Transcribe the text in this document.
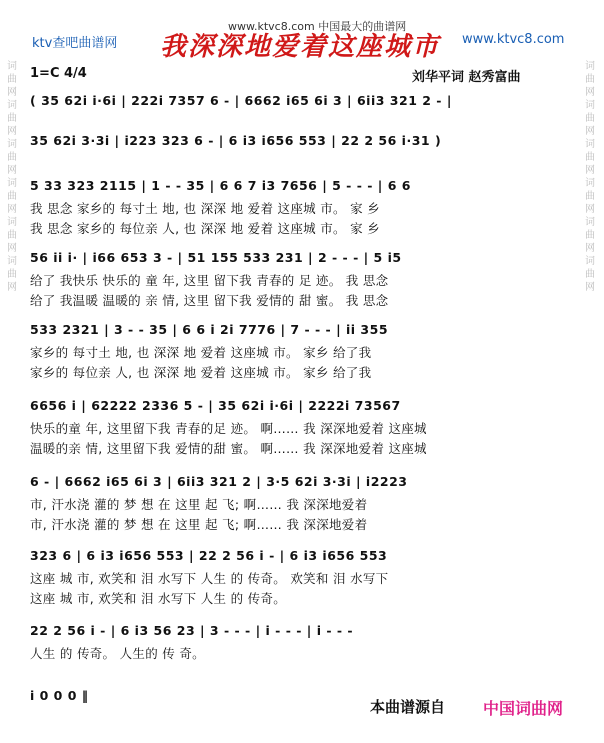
ktv查吧曲谱网
www.ktvc8.com 中国最大的曲谱网
我深深地爱着这座城市 www.ktvc8.com
1=C 4/4	刘华平词 赵秀富曲
词
曲
网
词
曲
网
词
曲
网
词
曲
网
词
曲
网
词
曲
网
词
曲
网
词
曲
网
词
曲
网
词
曲
网
词
曲
网
词
曲
网
( 35 62i i·6i | 222i 7357 6 - | 6662 i65 6i 3 | 6ii3 321 2 - |
35 62i 3·3i | i223 323 6 - | 6 i3 i656 553 | 22 2 56 i·31 )
5 33 323 2115 | 1 - - 35 | 6 6 7 i3 7656 | 5 - - - | 6 6
我 思念 家乡的 每寸土 地, 也 深深 地 爱着 这座城 市。 家 乡
我 思念 家乡的 每位亲 人, 也 深深 地 爱着 这座城 市。 家 乡
56 ii i· | i66 653 3 - | 51 155 533 231 | 2 - - - | 5 i5
给了 我快乐 快乐的 童 年, 这里 留下我 青春的 足 迹。 我 思念
给了 我温暖 温暖的 亲 情, 这里 留下我 爱情的 甜 蜜。 我 思念
533 2321 | 3 - - 35 | 6 6 i 2i 7776 | 7 - - - | ii 355
家乡的 每寸土 地, 也 深深 地 爱着 这座城 市。 家乡 给了我
家乡的 每位亲 人, 也 深深 地 爱着 这座城 市。 家乡 给了我
6656 i | 62222 2336 5 - | 35 62i i·6i | 2222i 73567
快乐的童 年, 这里留下我 青春的足 迹。 啊…… 我 深深地爱着 这座城
温暖的亲 情, 这里留下我 爱情的甜 蜜。 啊…… 我 深深地爱着 这座城
6 - | 6662 i65 6i 3 | 6ii3 321 2 | 3·5 62i 3·3i | i2223
市, 汗水浇 灌的 梦 想 在 这里 起 飞; 啊…… 我 深深地爱着
市, 汗水浇 灌的 梦 想 在 这里 起 飞; 啊…… 我 深深地爱着
323 6 | 6 i3 i656 553 | 22 2 56 i - | 6 i3 i656 553
这座 城 市, 欢笑和 泪 水写下 人生 的 传奇。 欢笑和 泪 水写下
这座 城 市, 欢笑和 泪 水写下 人生 的 传奇。
22 2 56 i - | 6 i3 56 23 | 3 - - - | i - - - | i - - -
人生 的 传奇。 人生的 传 奇。
i 0 0 0 ‖
本曲谱源自 中国词曲网
